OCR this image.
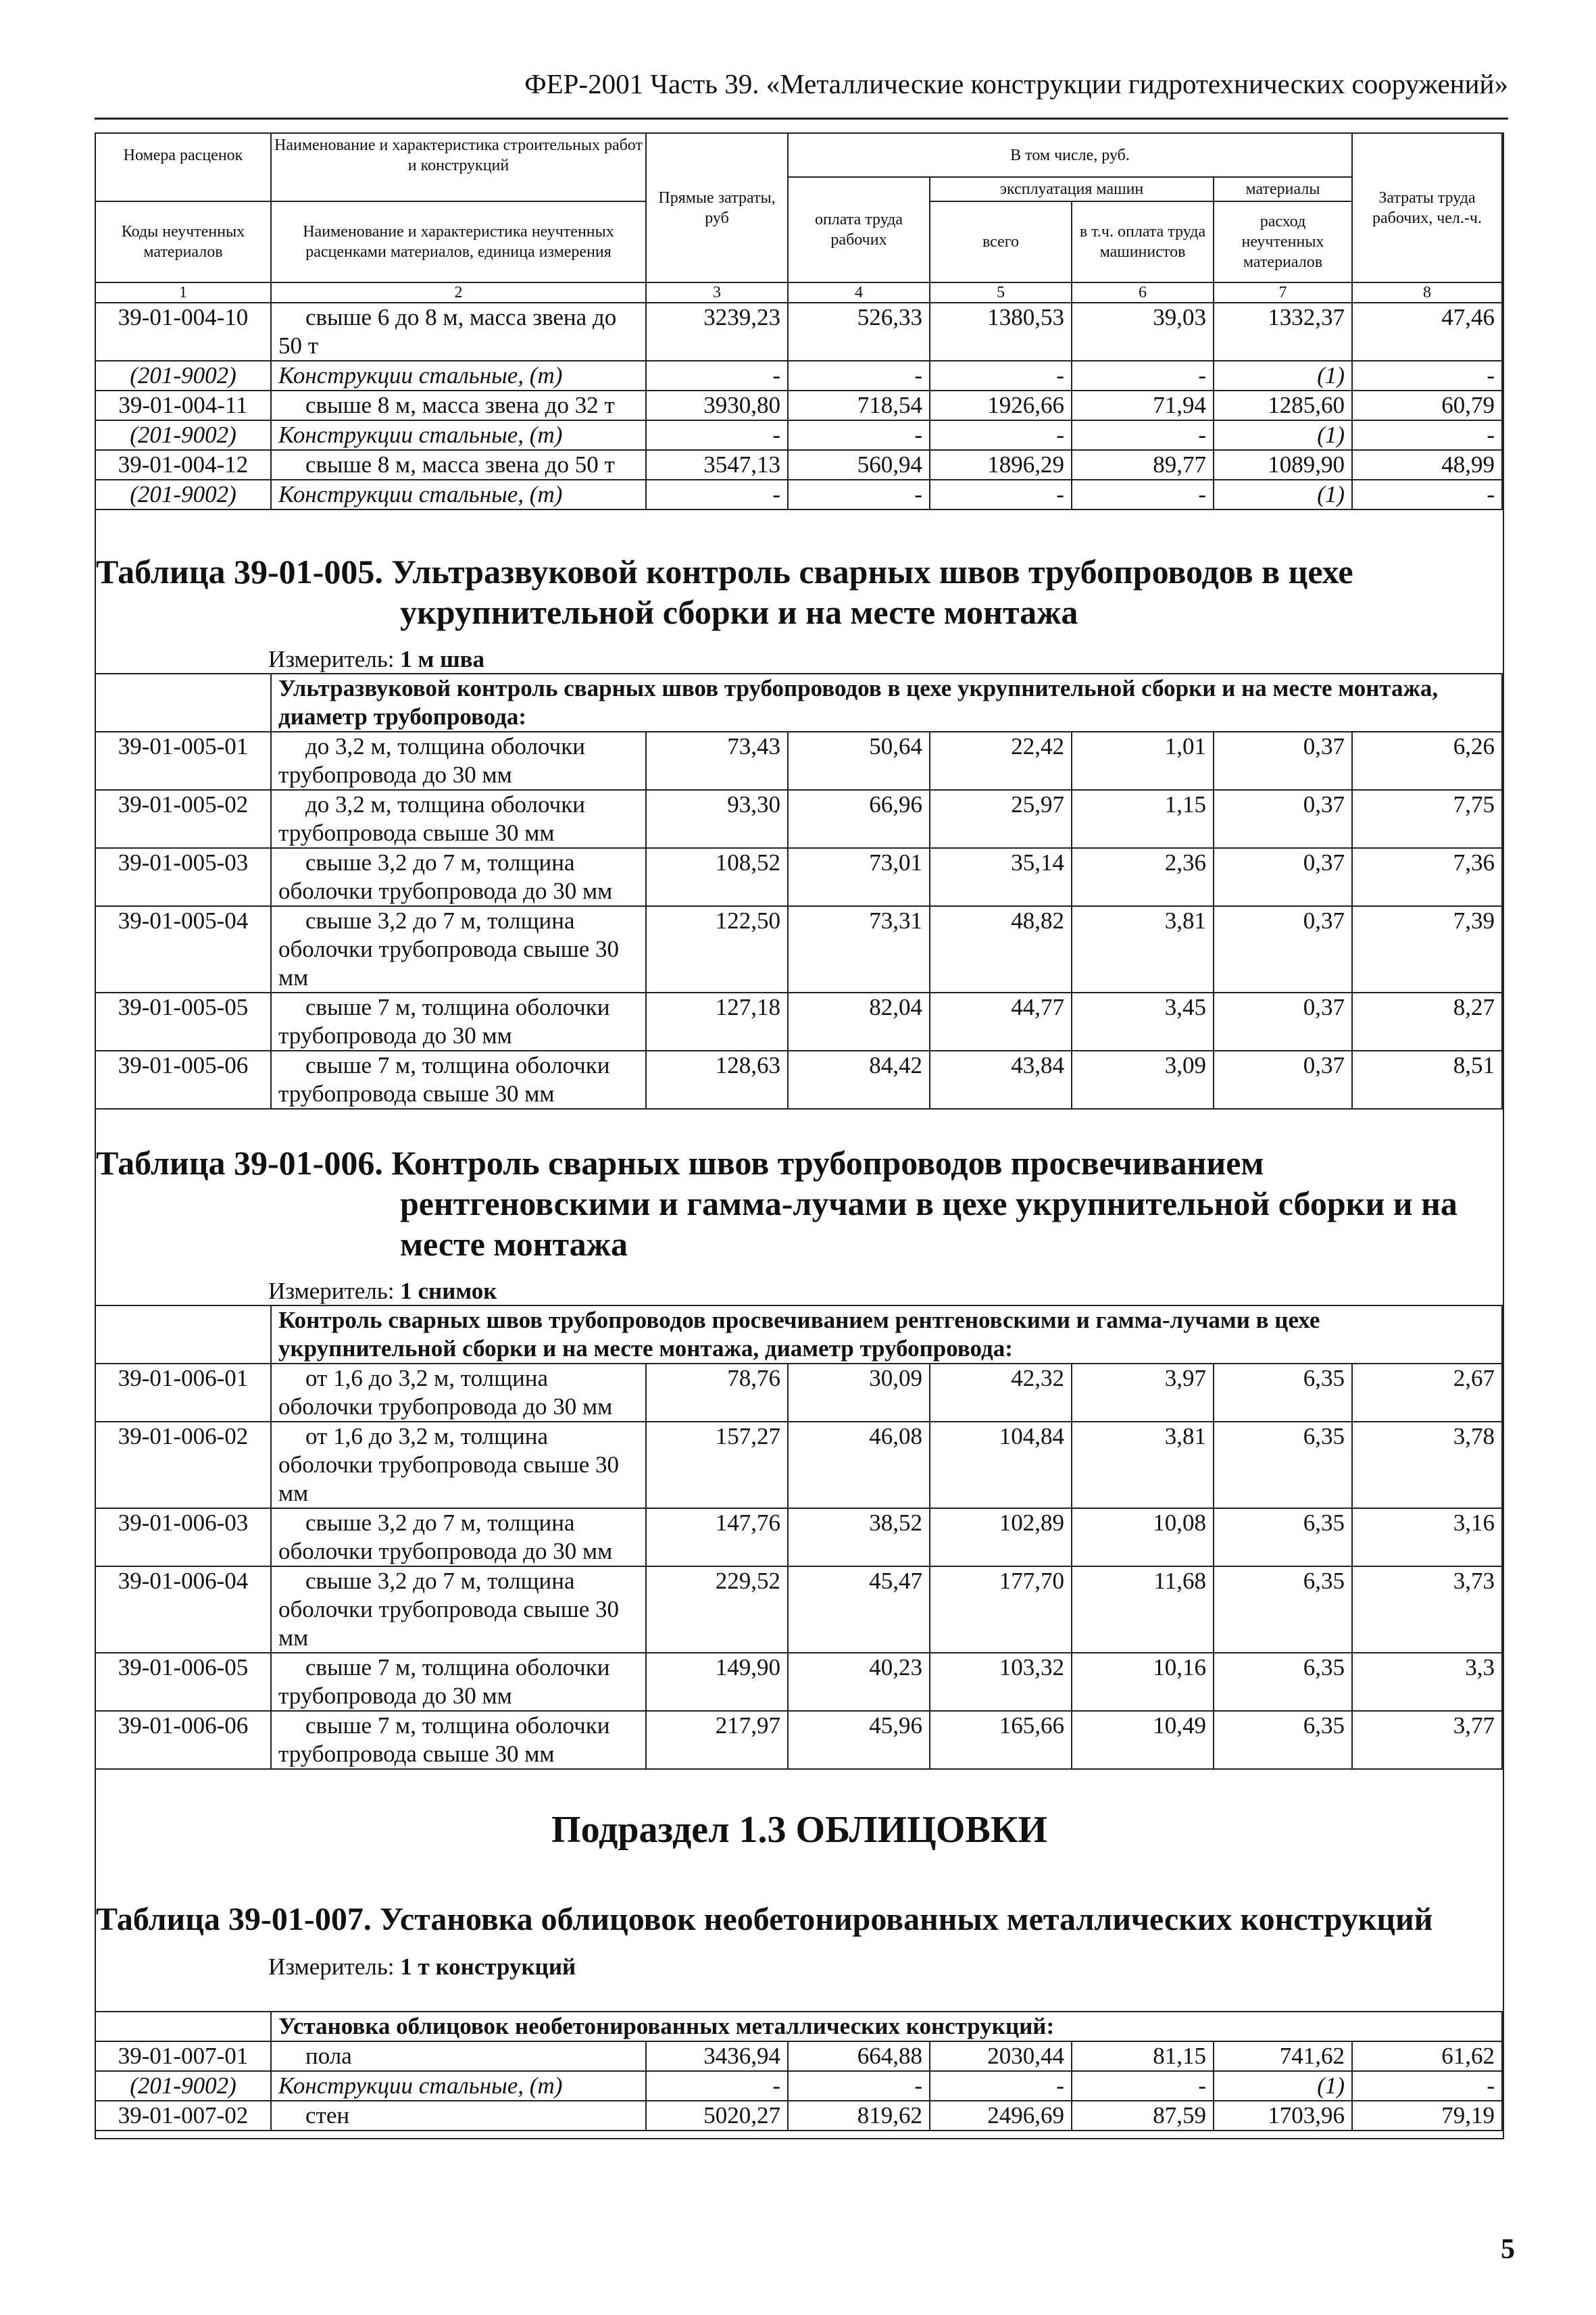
ФЕР-2001 Часть 39. «Металлические конструкции гидротехнических сооружений»
Номера расценок	Наименование и характеристика строительных работ и конструкций	Прямые затраты, руб	В том числе, руб.				Затраты труда рабочих, чел.-ч.
			оплата труда рабочих	эксплуатация машин		материалы	
Коды неучтенных материалов	Наименование и характеристика неучтенных расценками материалов, единица измерения			всего	в т.ч. оплата труда машинистов	расход неучтенных материалов	
1	2	3	4	5	6	7	8
39-01-004-10	свыше 6 до 8 м, масса звена до 50 т	3239,23	526,33	1380,53	39,03	1332,37	47,46
(201-9002)	Конструкции стальные, (т)	-	-	-	-	(1)	-
39-01-004-11	свыше 8 м, масса звена до 32 т	3930,80	718,54	1926,66	71,94	1285,60	60,79
(201-9002)	Конструкции стальные, (т)	-	-	-	-	(1)	-
39-01-004-12	свыше 8 м, масса звена до 50 т	3547,13	560,94	1896,29	89,77	1089,90	48,99
(201-9002)	Конструкции стальные, (т)	-	-	-	-	(1)	-
Таблица 39-01-005. Ультразвуковой контроль сварных швов трубопроводов в цехе
укрупнительной сборки и на месте монтажа
Измеритель: 1 м шва
	Ультразвуковой контроль сварных швов трубопроводов в цехе укрупнительной сборки и на месте монтажа, диаметр трубопровода:						
39-01-005-01	до 3,2 м, толщина оболочки трубопровода до 30 мм	73,43	50,64	22,42	1,01	0,37	6,26
39-01-005-02	до 3,2 м, толщина оболочки трубопровода свыше 30 мм	93,30	66,96	25,97	1,15	0,37	7,75
39-01-005-03	свыше 3,2 до 7 м, толщина оболочки трубопровода до 30 мм	108,52	73,01	35,14	2,36	0,37	7,36
39-01-005-04	свыше 3,2 до 7 м, толщина оболочки трубопровода свыше 30 мм	122,50	73,31	48,82	3,81	0,37	7,39
39-01-005-05	свыше 7 м, толщина оболочки трубопровода до 30 мм	127,18	82,04	44,77	3,45	0,37	8,27
39-01-005-06	свыше 7 м, толщина оболочки трубопровода свыше 30 мм	128,63	84,42	43,84	3,09	0,37	8,51
Таблица 39-01-006. Контроль сварных швов трубопроводов просвечиванием
рентгеновскими и гамма-лучами в цехе укрупнительной сборки и на
месте монтажа
Измеритель: 1 снимок
	Контроль сварных швов трубопроводов просвечиванием рентгеновскими и гамма-лучами в цехе укрупнительной сборки и на месте монтажа, диаметр трубопровода:						
39-01-006-01	от 1,6 до 3,2 м, толщина оболочки трубопровода до 30 мм	78,76	30,09	42,32	3,97	6,35	2,67
39-01-006-02	от 1,6 до 3,2 м, толщина оболочки трубопровода свыше 30 мм	157,27	46,08	104,84	3,81	6,35	3,78
39-01-006-03	свыше 3,2 до 7 м, толщина оболочки трубопровода до 30 мм	147,76	38,52	102,89	10,08	6,35	3,16
39-01-006-04	свыше 3,2 до 7 м, толщина оболочки трубопровода свыше 30 мм	229,52	45,47	177,70	11,68	6,35	3,73
39-01-006-05	свыше 7 м, толщина оболочки трубопровода до 30 мм	149,90	40,23	103,32	10,16	6,35	3,3
39-01-006-06	свыше 7 м, толщина оболочки трубопровода свыше 30 мм	217,97	45,96	165,66	10,49	6,35	3,77
Подраздел 1.3 ОБЛИЦОВКИ
Таблица 39-01-007. Установка облицовок необетонированных металлических конструкций
Измеритель: 1 т конструкций
	Установка облицовок необетонированных металлических конструкций:						
39-01-007-01	пола	3436,94	664,88	2030,44	81,15	741,62	61,62
(201-9002)	Конструкции стальные, (т)	-	-	-	-	(1)	-
39-01-007-02	стен	5020,27	819,62	2496,69	87,59	1703,96	79,19
5
